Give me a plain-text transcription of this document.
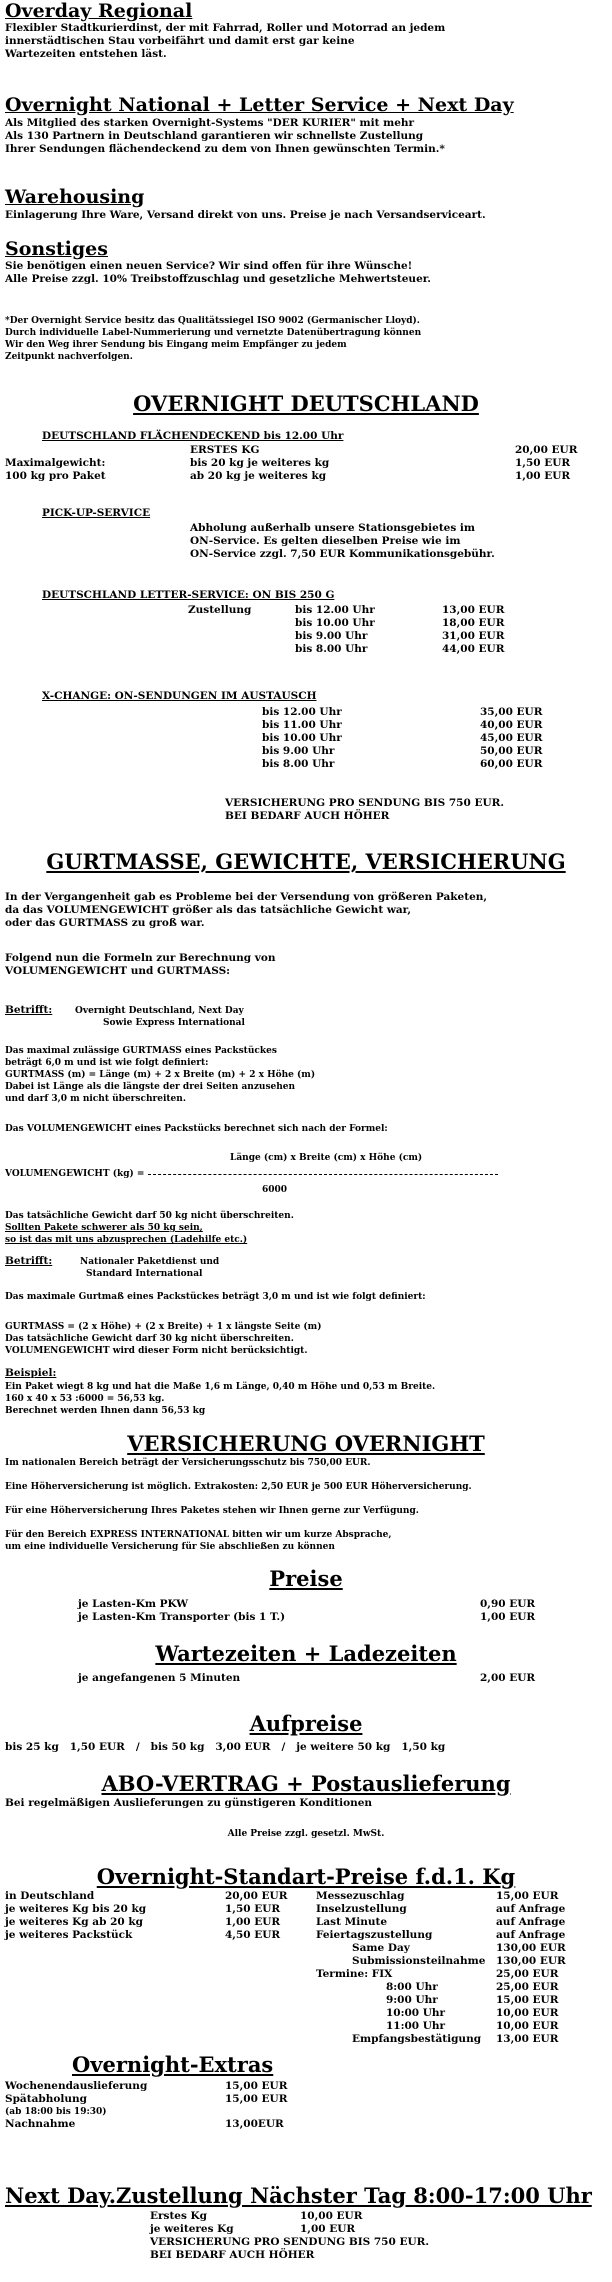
Overday Regional
Flexibler Stadtkurierdinst, der mit Fahrrad, Roller und Motorrad an jedem
innerstädtischen Stau vorbeifährt und damit erst gar keine
Wartezeiten entstehen läst.
Overnight National + Letter Service + Next Day
Als Mitglied des starken Overnight-Systems "DER KURIER" mit mehr
Als 130 Partnern in Deutschland garantieren wir schnellste Zustellung
Ihrer Sendungen flächendeckend zu dem von Ihnen gewünschten Termin.*
Warehousing
Einlagerung Ihre Ware, Versand direkt von uns. Preise je nach Versandserviceart.
Sonstiges
Sie benötigen einen neuen Service? Wir sind offen für ihre Wünsche!
Alle Preise zzgl. 10% Treibstoffzuschlag und gesetzliche Mehwertsteuer.
*Der Overnight Service besitz das Qualitätssiegel ISO 9002 (Germanischer Lloyd).
Durch individuelle Label-Nummerierung und vernetzte Datenübertragung können
Wir den Weg ihrer Sendung bis Eingang meim Empfänger zu jedem
Zeitpunkt nachverfolgen.
OVERNIGHT DEUTSCHLAND
DEUTSCHLAND FLÄCHENDECKEND bis 12.00 Uhr
ERSTES KG	20,00 EUR
Maximalgewicht:	bis 20 kg je weiteres kg	1,50 EUR
100 kg pro Paket	ab 20 kg je weiteres kg	1,00 EUR
PICK-UP-SERVICE
Abholung außerhalb unsere Stationsgebietes im
ON-Service. Es gelten dieselben Preise wie im
ON-Service zzgl. 7,50 EUR Kommunikationsgebühr.
DEUTSCHLAND LETTER-SERVICE: ON BIS 250 G
Zustellung	bis 12.00 Uhr	13,00 EUR
bis 10.00 Uhr	18,00 EUR
bis 9.00 Uhr	31,00 EUR
bis 8.00 Uhr	44,00 EUR
X-CHANGE: ON-SENDUNGEN IM AUSTAUSCH
bis 12.00 Uhr	35,00 EUR
bis 11.00 Uhr	40,00 EUR
bis 10.00 Uhr	45,00 EUR
bis 9.00 Uhr	50,00 EUR
bis 8.00 Uhr	60,00 EUR
VERSICHERUNG PRO SENDUNG BIS 750 EUR.
BEI BEDARF AUCH HÖHER
GURTMASSE, GEWICHTE, VERSICHERUNG
In der Vergangenheit gab es Probleme bei der Versendung von größeren Paketen,
da das VOLUMENGEWICHT größer als das tatsächliche Gewicht war,
oder das GURTMASS zu groß war.
Folgend nun die Formeln zur Berechnung von
VOLUMENGEWICHT und GURTMASS:
Betrifft:	Overnight Deutschland, Next Day
Sowie Express International
Das maximal zulässige GURTMASS eines Packstückes
beträgt 6,0 m und ist wie folgt definiert:
GURTMASS (m) = Länge (m) + 2 x Breite (m) + 2 x Höhe (m)
Dabei ist Länge als die längste der drei Seiten anzusehen
und darf 3,0 m nicht überschreiten.
Das VOLUMENGEWICHT eines Packstücks berechnet sich nach der Formel:
Länge (cm) x Breite (cm) x Höhe (cm)
VOLUMENGEWICHT (kg) =
6000
Das tatsächliche Gewicht darf 50 kg nicht überschreiten.
Sollten Pakete schwerer als 50 kg sein,
so ist das mit uns abzusprechen (Ladehilfe etc.)
Betrifft:	Nationaler Paketdienst und
Standard International
Das maximale Gurtmaß eines Packstückes beträgt 3,0 m und ist wie folgt definiert:
GURTMASS = (2 x Höhe) + (2 x Breite) + 1 x längste Seite (m)
Das tatsächliche Gewicht darf 30 kg nicht überschreiten.
VOLUMENGEWICHT wird dieser Form nicht berücksichtigt.
Beispiel:
Ein Paket wiegt 8 kg und hat die Maße 1,6 m Länge, 0,40 m Höhe und 0,53 m Breite.
160 x 40 x 53 :6000 = 56,53 kg.
Berechnet werden Ihnen dann 56,53 kg
VERSICHERUNG OVERNIGHT
Im nationalen Bereich beträgt der Versicherungsschutz bis 750,00 EUR.
Eine Höherversicherung ist möglich. Extrakosten: 2,50 EUR je 500 EUR Höherversicherung.
Für eine Höherversicherung Ihres Paketes stehen wir Ihnen gerne zur Verfügung.
Für den Bereich EXPRESS INTERNATIONAL bitten wir um kurze Absprache,
um eine individuelle Versicherung für Sie abschließen zu können
Preise
je Lasten-Km PKW	0,90 EUR
je Lasten-Km Transporter (bis 1 T.)	1,00 EUR
Wartezeiten + Ladezeiten
je angefangenen 5 Minuten	2,00 EUR
Aufpreise
bis 25 kg   1,50 EUR   /   bis 50 kg   3,00 EUR   /   je weitere 50 kg   1,50 kg
ABO-VERTRAG + Postauslieferung
Bei regelmäßigen Auslieferungen zu günstigeren Konditionen
Alle Preise zzgl. gesetzl. MwSt.
Overnight-Standart-Preise f.d.1. Kg
in Deutschland	20,00 EUR
je weiteres Kg bis 20 kg	1,50 EUR
je weiteres Kg ab 20 kg	1,00 EUR
je weiteres Packstück	4,50 EUR
Messezuschlag	15,00 EUR
Inselzustellung	auf Anfrage
Last Minute	auf Anfrage
Feiertagszustellung	auf Anfrage
Same Day	130,00 EUR
Submissionsteilnahme	130,00 EUR
Termine: FIX	25,00 EUR
8:00 Uhr	25,00 EUR
9:00 Uhr	15,00 EUR
10:00 Uhr	10,00 EUR
11:00 Uhr	10,00 EUR
Empfangsbestätigung	13,00 EUR
Overnight-Extras
Wochenendauslieferung	15,00 EUR
Spätabholung	15,00 EUR
(ab 18:00 bis 19:30)
Nachnahme	13,00EUR
Next Day.Zustellung Nächster Tag 8:00-17:00 Uhr
Erstes Kg	10,00 EUR
je weiteres Kg	1,00 EUR
VERSICHERUNG PRO SENDUNG BIS 750 EUR.
BEI BEDARF AUCH HÖHER
